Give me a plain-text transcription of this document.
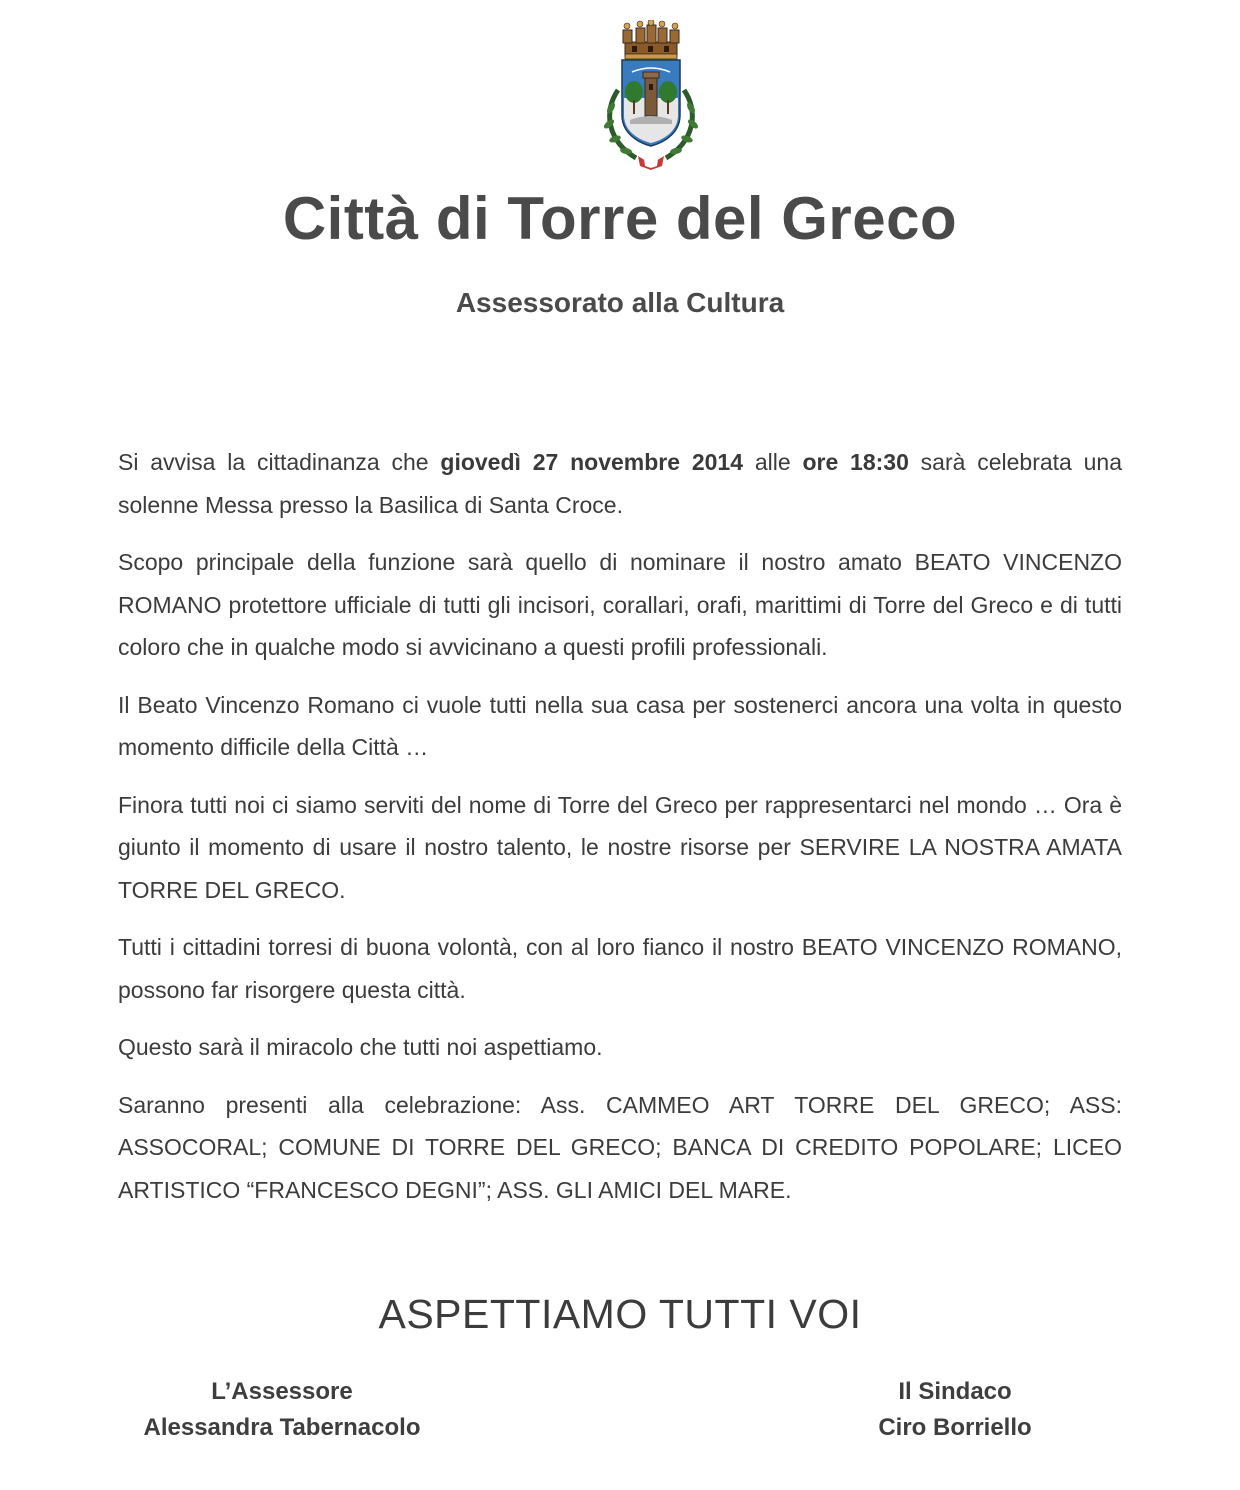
Città di Torre del Greco
Assessorato alla Cultura

Si avvisa la cittadinanza che giovedì 27 novembre 2014 alle ore 18:30 sarà celebrata una solenne Messa presso la Basilica di Santa Croce.

Scopo principale della funzione sarà quello di nominare il nostro amato BEATO VINCENZO ROMANO protettore ufficiale di tutti gli incisori, corallari, orafi, marittimi di Torre del Greco e di tutti coloro che in qualche modo si avvicinano a questi profili professionali.

Il Beato Vincenzo Romano ci vuole tutti nella sua casa per sostenerci ancora una volta in questo momento difficile della Città …

Finora tutti noi ci siamo serviti del nome di Torre del Greco per rappresentarci nel mondo … Ora è giunto il momento di usare il nostro talento, le nostre risorse per SERVIRE LA NOSTRA AMATA TORRE DEL GRECO.

Tutti i cittadini torresi di buona volontà, con al loro fianco il nostro BEATO VINCENZO ROMANO, possono far risorgere questa città.

Questo sarà il miracolo che tutti noi aspettiamo.

Saranno presenti alla celebrazione: Ass. CAMMEO ART TORRE DEL GRECO; ASS: ASSOCORAL; COMUNE DI TORRE DEL GRECO; BANCA DI CREDITO POPOLARE; LICEO ARTISTICO “FRANCESCO DEGNI”; ASS. GLI AMICI DEL MARE.

ASPETTIAMO TUTTI VOI
L’Assessore
Alessandra Tabernacolo
Il Sindaco
Ciro Borriello
